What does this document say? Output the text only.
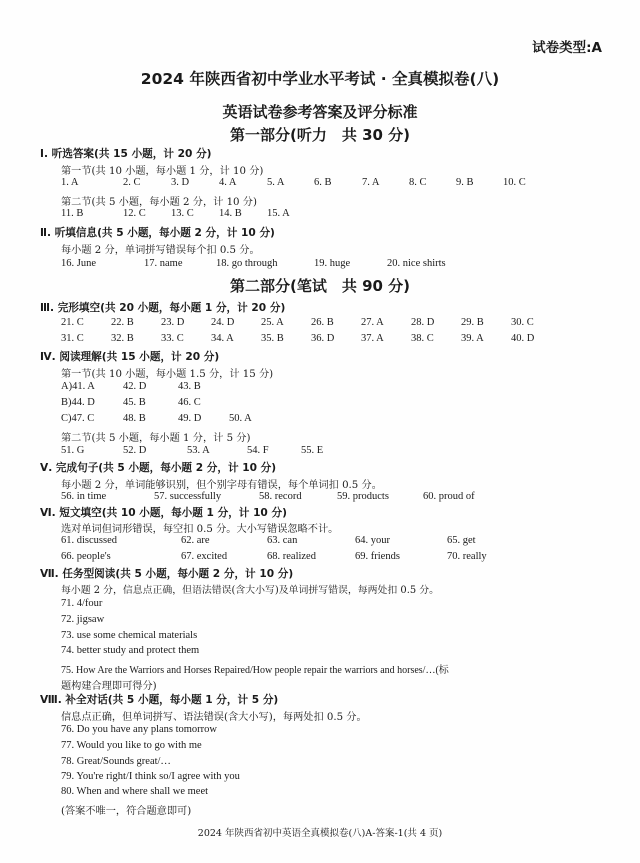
试卷类型:A
2024 年陕西省初中学业水平考试 · 全真模拟卷(八)
英语试卷参考答案及评分标准
第一部分(听力　共 30 分)
Ⅰ. 听选答案(共 15 小题，计 20 分)
第一节(共 10 小题，每小题 1 分，计 10 分)
1. A	2. C	3. D	4. A	5. A	6. B	7. A	8. C	9. B	10. C
第二节(共 5 小题，每小题 2 分，计 10 分)
11. B	12. C 13. C 14. B 15. A
Ⅱ. 听填信息(共 5 小题，每小题 2 分，计 10 分)
每小题 2 分，单词拼写错误每个扣 0.5 分。
16. June	17. name	18. go through	19. huge	20. nice shirts
第二部分(笔试　共 90 分)
Ⅲ. 完形填空(共 20 小题，每小题 1 分，计 20 分)
21. C	22. B	23. D	24. D	25. A	26. B	27. A	28. D	29. B	30. C
31. C	32. B	33. C	34. A	35. B	36. D	37. A	38. C	39. A	40. D
Ⅳ. 阅读理解(共 15 小题，计 20 分)
第一节(共 10 小题，每小题 1.5 分，计 15 分)
A)41. A	42. D	43. B
B)44. D	45. B	46. C
C)47. C	48. B	49. D	50. A
第二节(共 5 小题，每小题 1 分，计 5 分)
51. G	52. D	53. A	54. F	55. E
Ⅴ. 完成句子(共 5 小题，每小题 2 分，计 10 分)
每小题 2 分，单词能够识别，但个别字母有错误，每个单词扣 0.5 分。
56. in time	57. successfully	58. record	59. products	60. proud of
Ⅵ. 短文填空(共 10 小题，每小题 1 分，计 10 分)
选对单词但词形错误，每空扣 0.5 分。大小写错误忽略不计。
61. discussed	62. are	63. can	64. your	65. get
66. people's	67. excited	68. realized	69. friends	70. really
Ⅶ. 任务型阅读(共 5 小题，每小题 2 分，计 10 分)
每小题 2 分，信息点正确，但语法错误(含大小写)及单词拼写错误，每两处扣 0.5 分。
71. 4/four
72. jigsaw
73. use some chemical materials
74. better study and protect them
75. How Are the Warriors and Horses Repaired/How people repair the warriors and horses/…(标
题构建合理即可得分)
Ⅷ. 补全对话(共 5 小题，每小题 1 分，计 5 分)
信息点正确，但单词拼写、语法错误(含大小写)，每两处扣 0.5 分。
76. Do you have any plans tomorrow
77. Would you like to go with me
78. Great/Sounds great/…
79. You're right/I think so/I agree with you
80. When and where shall we meet
(答案不唯一，符合题意即可)
2024 年陕西省初中英语全真模拟卷(八)A-答案-1(共 4 页)
